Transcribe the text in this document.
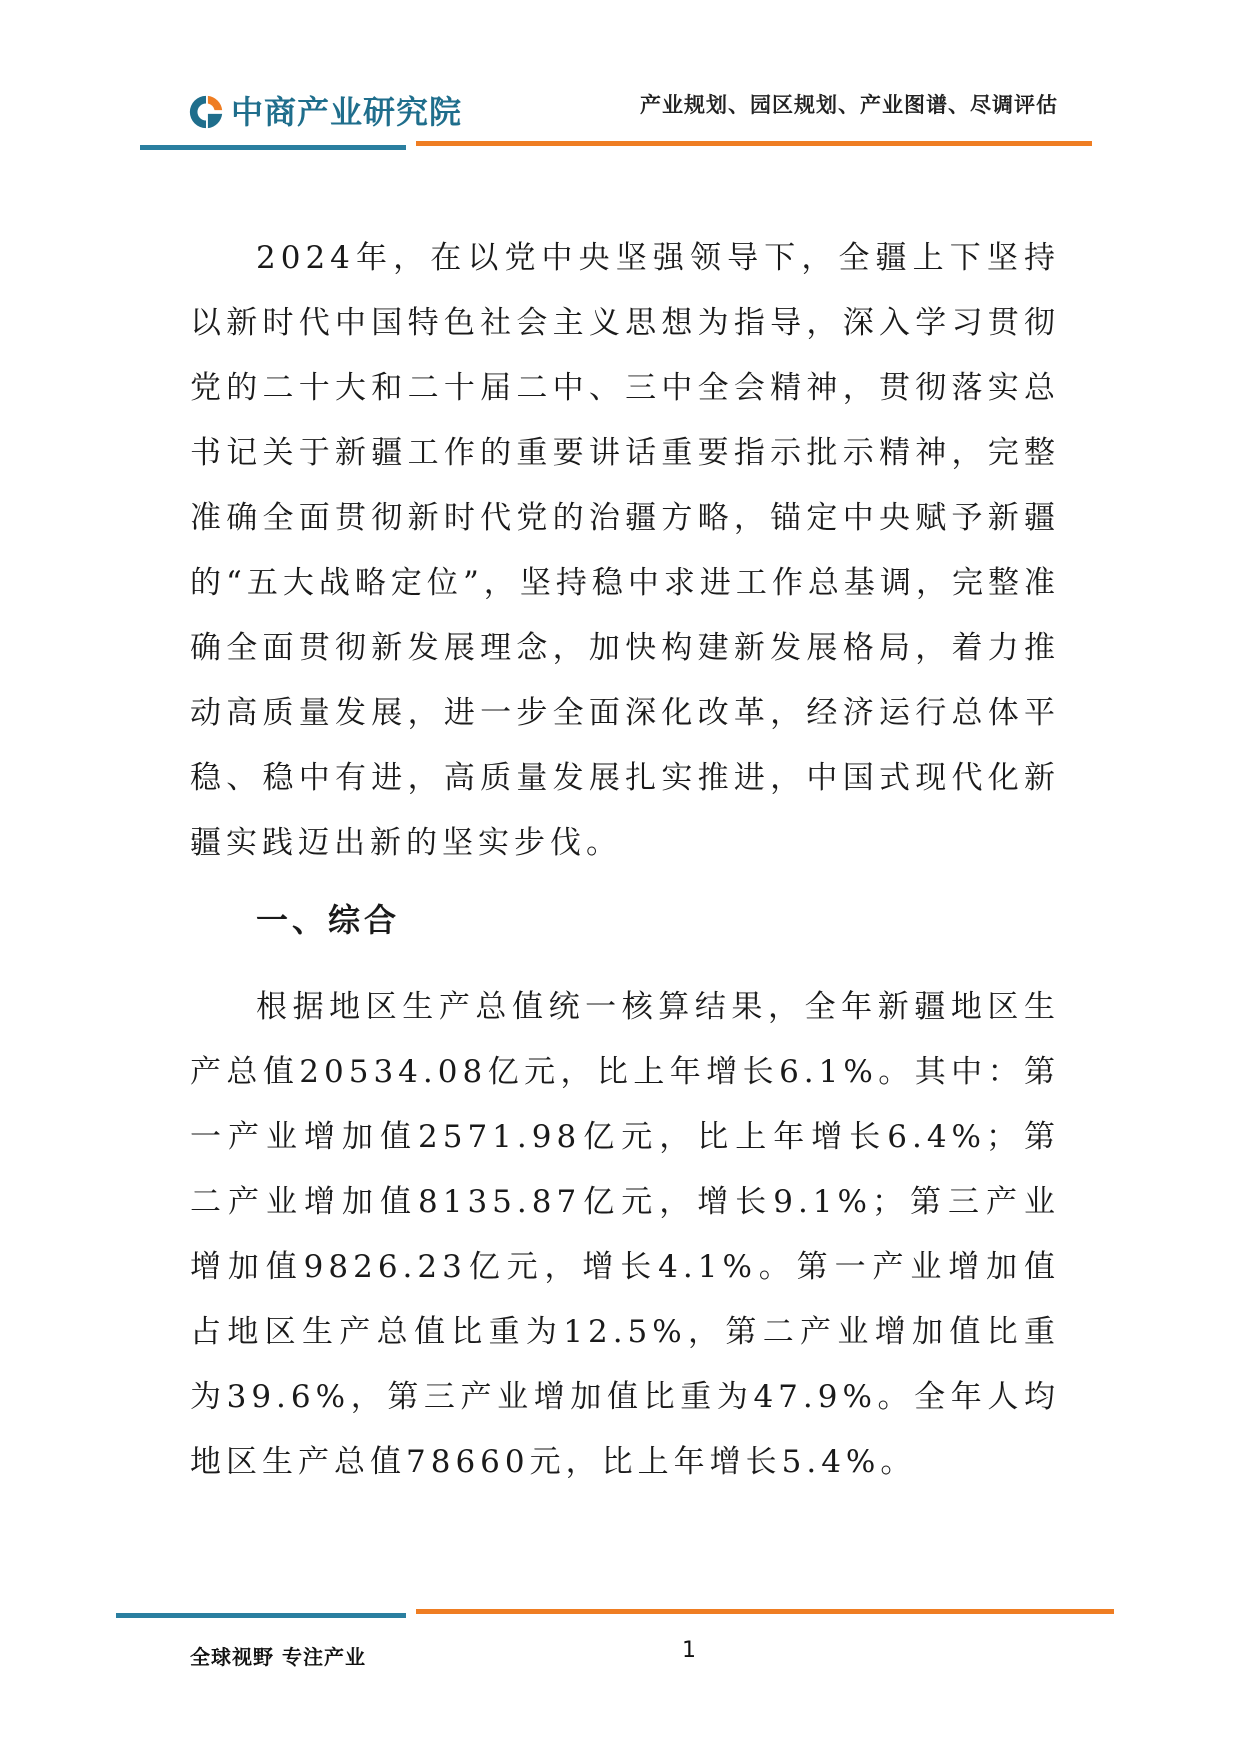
中商产业研究院	产业规划、园区规划、产业图谱、尽调评估

2024年，在以党中央坚强领导下，全疆上下坚持以新时代中国特色社会主义思想为指导，深入学习贯彻党的二十大和二十届二中、三中全会精神，贯彻落实总书记关于新疆工作的重要讲话重要指示批示精神，完整准确全面贯彻新时代党的治疆方略，锚定中央赋予新疆的“五大战略定位”，坚持稳中求进工作总基调，完整准确全面贯彻新发展理念，加快构建新发展格局，着力推动高质量发展，进一步全面深化改革，经济运行总体平稳、稳中有进，高质量发展扎实推进，中国式现代化新疆实践迈出新的坚实步伐。

一、综合

根据地区生产总值统一核算结果，全年新疆地区生产总值20534.08亿元，比上年增长6.1%。其中：第一产业增加值2571.98亿元，比上年增长6.4%；第二产业增加值8135.87亿元，增长9.1%；第三产业增加值9826.23亿元，增长4.1%。第一产业增加值占地区生产总值比重为12.5%，第二产业增加值比重为39.6%，第三产业增加值比重为47.9%。全年人均地区生产总值78660元，比上年增长5.4%。

全球视野 专注产业	1
